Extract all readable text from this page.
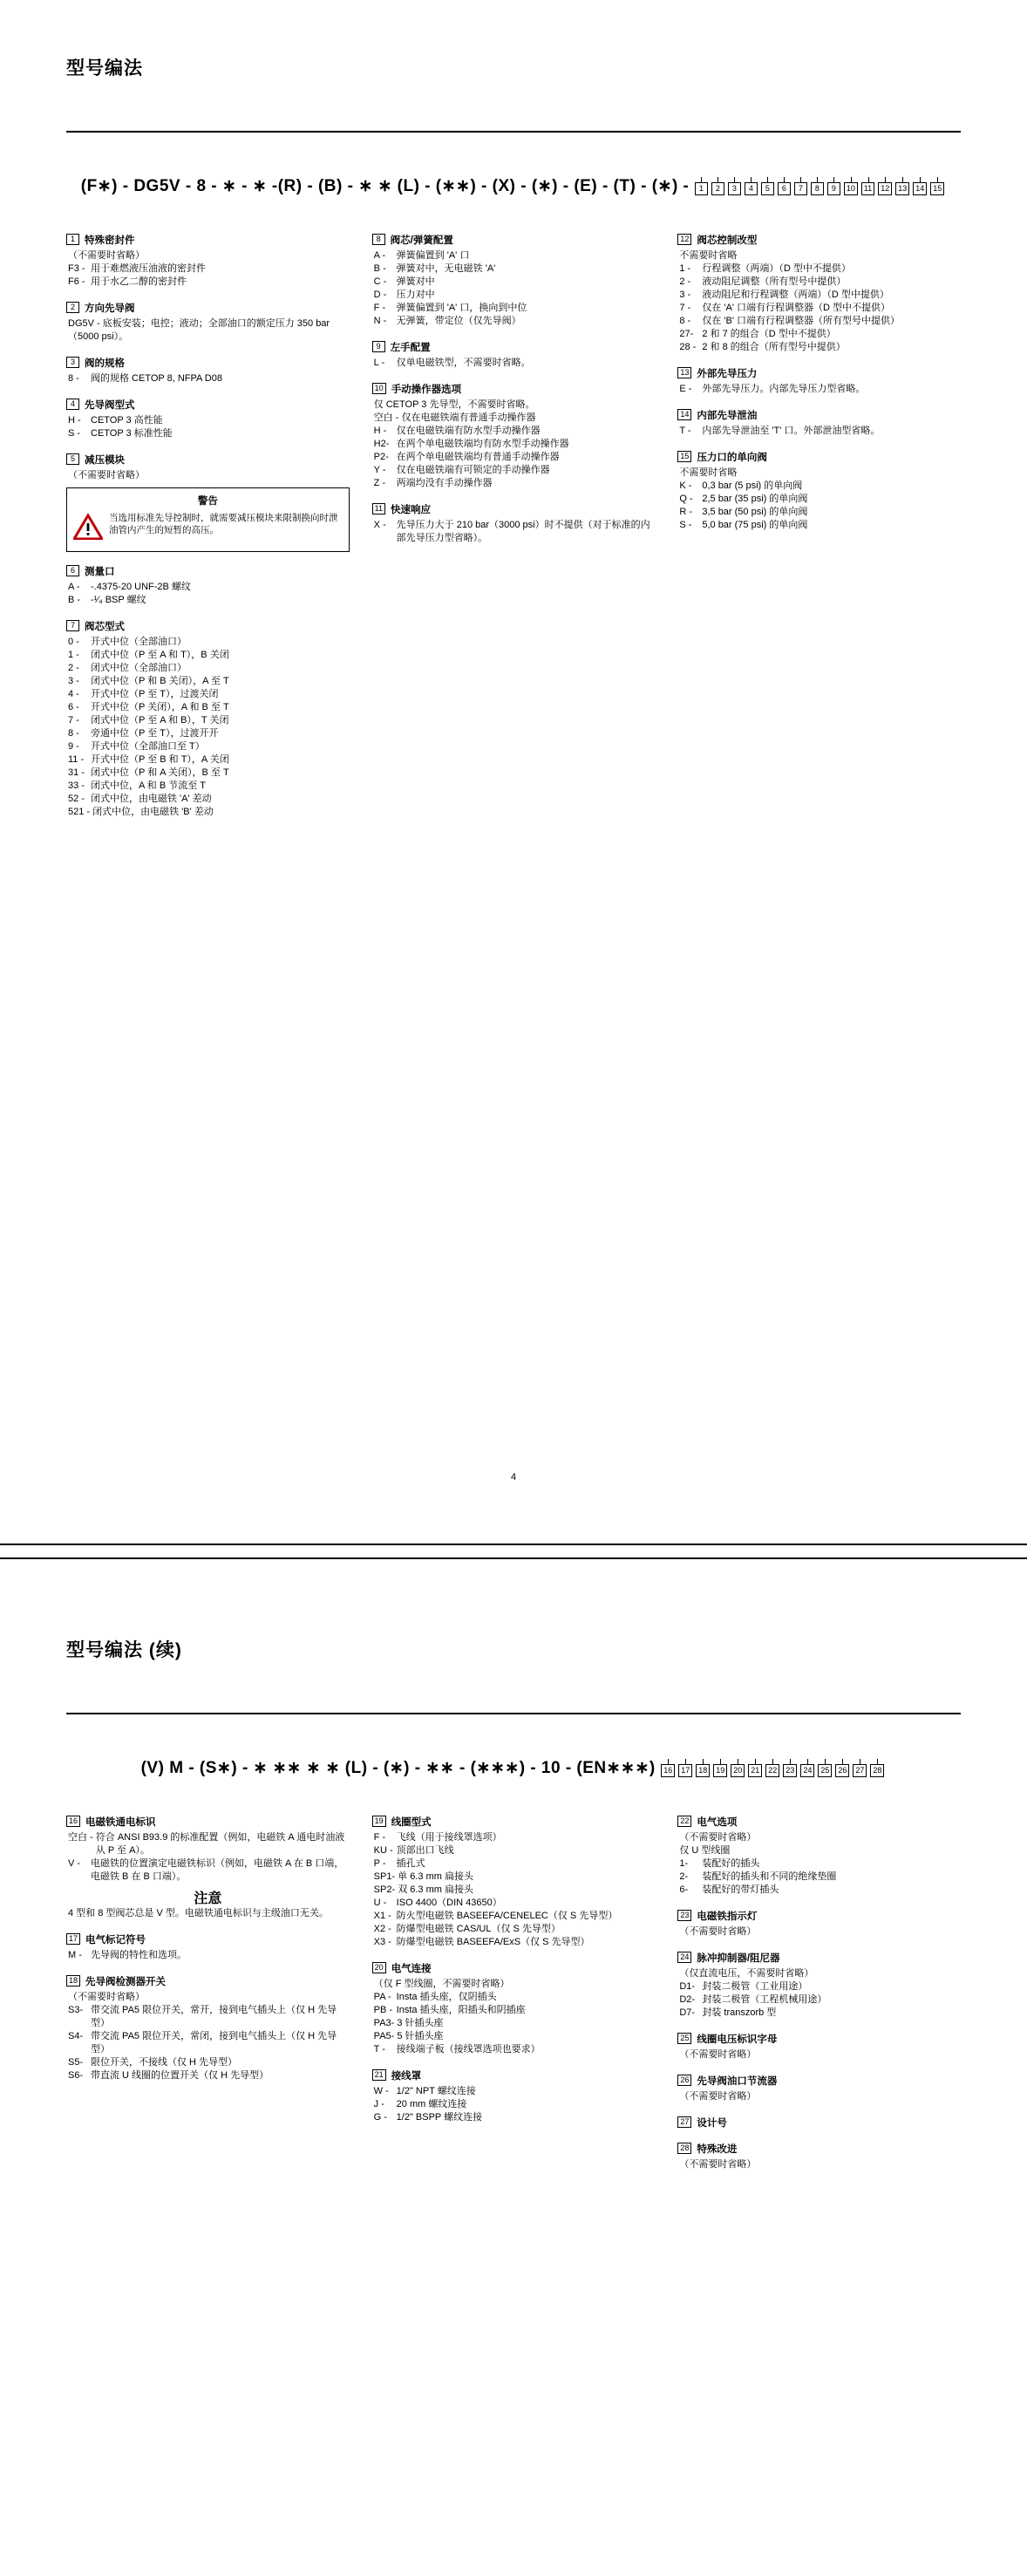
型号编法
(F∗) - DG5V - 8 - ∗ - ∗ -(R) - (B) - ∗ ∗ (L) - (∗∗) - (X) - (∗) - (E) - (T) - (∗) - 1 2 3 4 5 6 7 8 9 10 11 12 13 14 15
1 特殊密封件
（不需要时省略）
F3 - 用于难燃液压油液的密封件
F6 - 用于水乙二醇的密封件
2 方向先导阀
DG5V - 底板安装；电控；液动；全部油口的额定压力 350 bar（5000 psi）。
3 阀的规格
8 - 阀的规格 CETOP 8, NFPA D08
4 先导阀型式
H - CETOP 3 高性能
S - CETOP 3 标准性能
5 减压模块
（不需要时省略）
警告
当选用标准先导控制时，就需要减压模块来限制换向时泄油管内产生的短暂的高压。
6 测量口
A - -.4375-20 UNF-2B 螺纹
B - -¹⁄₄ BSP 螺纹
7 阀芯型式
0 - 开式中位（全部油口）
1 - 闭式中位（P 至 A 和 T），B 关闭
2 - 闭式中位（全部油口）
3 - 闭式中位（P 和 B 关闭），A 至 T
4 - 开式中位（P 至 T），过渡关闭
6 - 开式中位（P 关闭），A 和 B 至 T
7 - 闭式中位（P 至 A 和 B），T 关闭
8 - 旁通中位（P 至 T），过渡开开
9 - 开式中位（全部油口至 T）
11 - 开式中位（P 至 B 和 T），A 关闭
31 - 闭式中位（P 和 A 关闭），B 至 T
33 - 闭式中位，A 和 B 节流至 T
52 - 闭式中位，由电磁铁 'A' 差动
521 - 闭式中位，由电磁铁 'B' 差动
8 阀芯/弹簧配置
A - 弹簧偏置到 'A' 口
B - 弹簧对中，无电磁铁 'A'
C - 弹簧对中
D - 压力对中
F - 弹簧偏置到 'A' 口，换向到中位
N - 无弹簧，带定位（仅先导阀）
9 左手配置
L - 仅单电磁铁型，不需要时省略。
10 手动操作器选项
仅 CETOP 3 先导型，不需要时省略。
空白 - 仅在电磁铁端有普通手动操作器
H - 仅在电磁铁端有防水型手动操作器
H2- 在两个单电磁铁端均有防水型手动操作器
P2- 在两个单电磁铁端均有普通手动操作器
Y - 仅在电磁铁端有可锁定的手动操作器
Z - 两端均没有手动操作器
11 快速响应
X - 先导压力大于 210 bar（3000 psi）时不提供（对于标准的内部先导压力型省略）。
12 阀芯控制改型
不需要时省略
1 - 行程调整（两端）（D 型中不提供）
2 - 液动阻尼调整（所有型号中提供）
3 - 液动阻尼和行程调整（两端）（D 型中提供）
7 - 仅在 'A' 口端有行程调整器（D 型中不提供）
8 - 仅在 'B' 口端有行程调整器（所有型号中提供）
27- 2 和 7 的组合（D 型中不提供）
28 - 2 和 8 的组合（所有型号中提供）
13 外部先导压力
E - 外部先导压力。内部先导压力型省略。
14 内部先导泄油
T - 内部先导泄油至 'T' 口。外部泄油型省略。
15 压力口的单向阀
不需要时省略
K - 0,3 bar (5 psi) 的单向阀
Q - 2,5 bar (35 psi) 的单向阀
R - 3,5 bar (50 psi) 的单向阀
S - 5,0 bar (75 psi) 的单向阀
4
型号编法 (续)
(V) M - (S∗) - ∗ ∗∗ ∗ ∗ (L) - (∗) - ∗∗ - (∗∗∗) - 10 - (EN∗∗∗) 16 17 18 19 20 21 22 23 24 25 26 27 28
16 电磁铁通电标识
空白 - 符合 ANSI B93.9 的标准配置（例如，电磁铁 A 通电时油液从 P 至 A）。
V - 电磁铁的位置演定电磁铁标识（例如，电磁铁 A 在 B 口端，电磁铁 B 在 B 口端）。
注意
4 型和 8 型阀芯总是 V 型。电磁铁通电标识与主级油口无关。
17 电气标记符号
M - 先导阀的特性和选项。
18 先导阀检测器开关
（不需要时省略）
S3- 带交流 PA5 限位开关，常开，接到电气插头上（仅 H 先导型）
S4- 带交流 PA5 限位开关，常闭，接到电气插头上（仅 H 先导型）
S5- 限位开关，不接线（仅 H 先导型）
S6- 带直流 U 线圈的位置开关（仅 H 先导型）
19 线圈型式
F - 飞线（用于接线罩选项）
KU - 顶部出口飞线
P - 插孔式
SP1- 单 6.3 mm 扁接头
SP2- 双 6.3 mm 扁接头
U - ISO 4400（DIN 43650）
X1 - 防火型电磁铁 BASEEFA/CENELEC（仅 S 先导型）
X2 - 防爆型电磁铁 CAS/UL（仅 S 先导型）
X3 - 防爆型电磁铁 BASEEFA/ExS（仅 S 先导型）
20 电气连接
（仅 F 型线圈，不需要时省略）
PA - Insta 插头座，仅阴插头
PB - Insta 插头座，阳插头和阴插座
PA3- 3 针插头座
PA5- 5 针插头座
T - 接线端子板（接线罩选项也要求）
21 接线罩
W - 1/2" NPT 螺纹连接
J - 20 mm 螺纹连接
G - 1/2" BSPP 螺纹连接
22 电气选项
（不需要时省略）
仅 U 型线圈
1-	装配好的插头
2-	装配好的插头和不同的绝缘垫圈
6-	装配好的带灯插头
23 电磁铁指示灯
（不需要时省略）
24 脉冲抑制器/阻尼器
（仅直流电压，不需要时省略）
D1- 封装二极管（工业用途）
D2- 封装二极管（工程机械用途）
D7- 封装 transzorb 型
25 线圈电压标识字母
（不需要时省略）
26 先导阀油口节流器
（不需要时省略）
27 设计号
28 特殊改进
（不需要时省略）
